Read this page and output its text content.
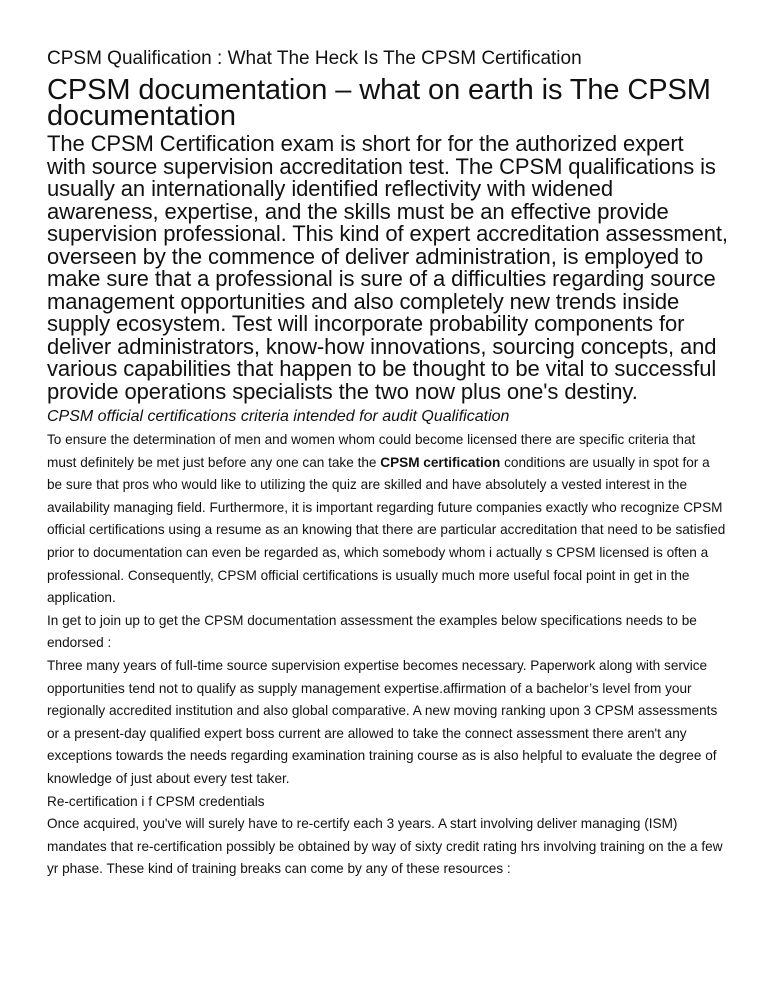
CPSM Qualification : What The Heck Is The CPSM Certification
CPSM documentation – what on earth is The CPSM documentation

The CPSM Certification exam is short for for the authorized expert with source supervision accreditation test. The CPSM qualifications is usually an internationally identified reflectivity with widened awareness, expertise, and the skills must be an effective provide supervision professional. This kind of expert accreditation assessment, overseen by the commence of deliver administration, is employed to make sure that a professional is sure of a difficulties regarding source management opportunities and also completely new trends inside supply ecosystem. Test will incorporate probability components for deliver administrators, know-how innovations, sourcing concepts, and various capabilities that happen to be thought to be vital to successful provide operations specialists the two now plus one's destiny.

CPSM official certifications criteria intended for audit Qualification

To ensure the determination of men and women whom could become licensed there are specific criteria that must definitely be met just before any one can take the CPSM certification conditions are usually in spot for a be sure that pros who would like to utilizing the quiz are skilled and have absolutely a vested interest in the availability managing field. Furthermore, it is important regarding future companies exactly who recognize CPSM official certifications using a resume as an knowing that there are particular accreditation that need to be satisfied prior to documentation can even be regarded as, which somebody whom i actually s CPSM licensed is often a professional. Consequently, CPSM official certifications is usually much more useful focal point in get in the application.

In get to join up to get the CPSM documentation assessment the examples below specifications needs to be endorsed :

Three many years of full-time source supervision expertise becomes necessary. Paperwork along with service opportunities tend not to qualify as supply management expertise.affirmation of a bachelor’s level from your regionally accredited institution and also global comparative. A new moving ranking upon 3 CPSM assessments or a present-day qualified expert boss current are allowed to take the connect assessment there aren't any exceptions towards the needs regarding examination training course as is also helpful to evaluate the degree of knowledge of just about every test taker.

Re-certification i f CPSM credentials

Once acquired, you've will surely have to re-certify each 3 years. A start involving deliver managing (ISM) mandates that re-certification possibly be obtained by way of sixty credit rating hrs involving training on the a few yr phase. These kind of training breaks can come by any of these resources :
